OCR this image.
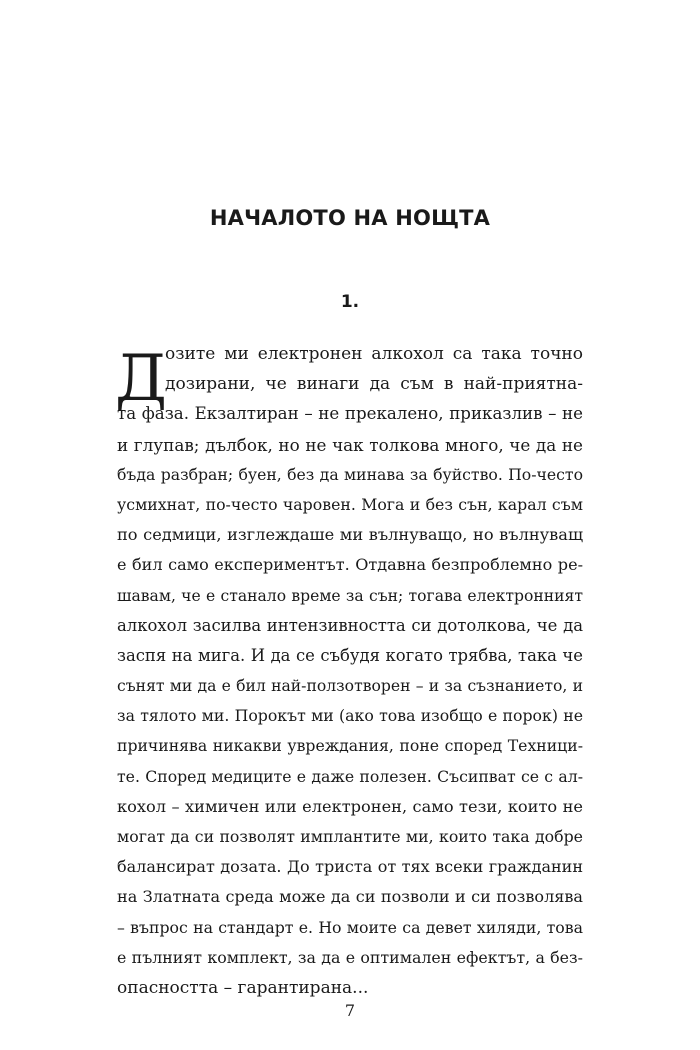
НАЧАЛОТО НА НОЩТА
1.
Д
озите ми електронен алкохол са така точно
дозирани, че винаги да съм в най-приятна-
та фаза. Екзалтиран – не прекалено, приказлив – не
и глупав; дълбок, но не чак толкова много, че да не
бъда разбран; буен, без да минава за буйство. По-често
усмихнат, по-често чаровен. Мога и без сън, карал съм
по седмици, изглеждаше ми вълнуващо, но вълнуващ
е бил само експериментът. Отдавна безпроблемно ре-
шавам, че е станало време за сън; тогава електронният
алкохол засилва интензивността си дотолкова, че да
заспя на мига. И да се събудя когато трябва, така че
сънят ми да е бил най-ползотворен – и за съзнанието, и
за тялото ми. Порокът ми (ако това изобщо е порок) не
причинява никакви увреждания, поне според Техници-
те. Според медиците е даже полезен. Съсипват се с ал-
кохол – химичен или електронен, само тези, които не
могат да си позволят имплантите ми, които така добре
балансират дозата. До триста от тях всеки гражданин
на Златната среда може да си позволи и си позволява
– въпрос на стандарт е. Но моите са девет хиляди, това
е пълният комплект, за да е оптимален ефектът, а без-
опасността – гарантирана...
7
